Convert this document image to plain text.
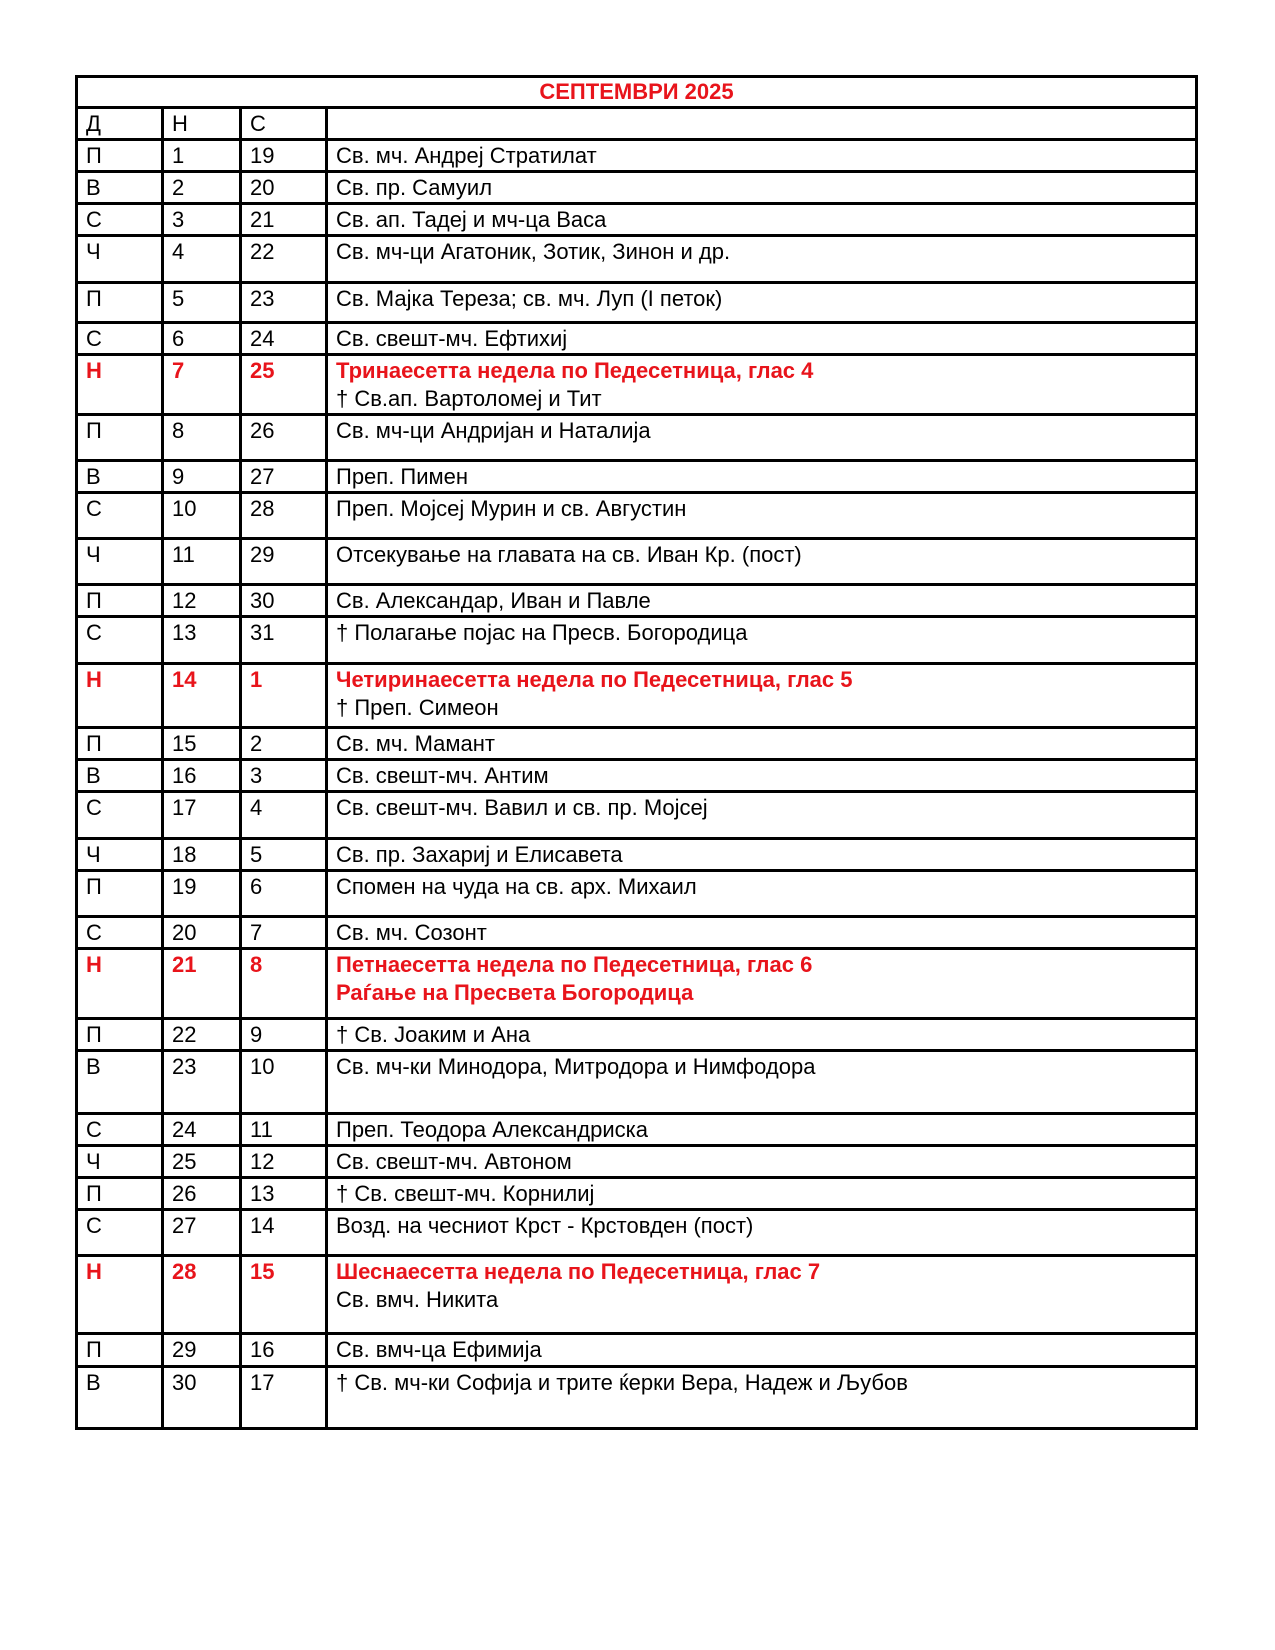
СЕПТЕМВРИ 2025			
Д	Н	С	
П	1	19	Св. мч. Андреј Стратилат

В	2	20	Св. пр. Самуил

С	3	21	Св. ап. Тадеј и мч-ца Васа

Ч	4	22	Св. мч-ци Агатоник, Зотик, Зинон и др.

П	5	23	Св. Мајка Тереза; св. мч. Луп (I петок)

С	6	24	Св. свешт-мч. Ефтихиј

Н	7	25	Тринаесетта недела по Педесетница, глас 4
† Св.ап. Вартоломеј и Тит

П	8	26	Св. мч-ци Андријан и Наталија

В	9	27	Преп. Пимен

С	10	28	Преп. Мојсеј Мурин и св. Августин

Ч	11	29	Отсекување на главата на св. Иван Кр. (пост)

П	12	30	Св. Александар, Иван и Павле

С	13	31	† Полагање појас на Пресв. Богородица

Н	14	1	Четиринаесетта недела по Педесетница, глас 5
† Преп. Симеон

П	15	2	Св. мч. Мамант

В	16	3	Св. свешт-мч. Антим

С	17	4	Св. свешт-мч. Вавил и св. пр. Мојсеј

Ч	18	5	Св. пр. Захариј и Елисавета

П	19	6	Спомен на чуда на св. арх. Михаил

С	20	7	Св. мч. Созонт

Н	21	8	Петнаесетта недела по Педесетница, глас 6
Раѓање на Пресвета Богородица

П	22	9	† Св. Јоаким и Ана

В	23	10	Св. мч-ки Минодора, Митродора и Нимфодора

С	24	11	Преп. Теодора Александриска

Ч	25	12	Св. свешт-мч. Автоном

П	26	13	† Св. свешт-мч. Корнилиј

С	27	14	Возд. на чесниот Крст - Крстовден (пост)

Н	28	15	Шеснаесетта недела по Педесетница, глас 7
Св. вмч. Никита

П	29	16	Св. вмч-ца Ефимија

В	30	17	† Св. мч-ки Софија и трите ќерки Вера, Надеж и Љубов
